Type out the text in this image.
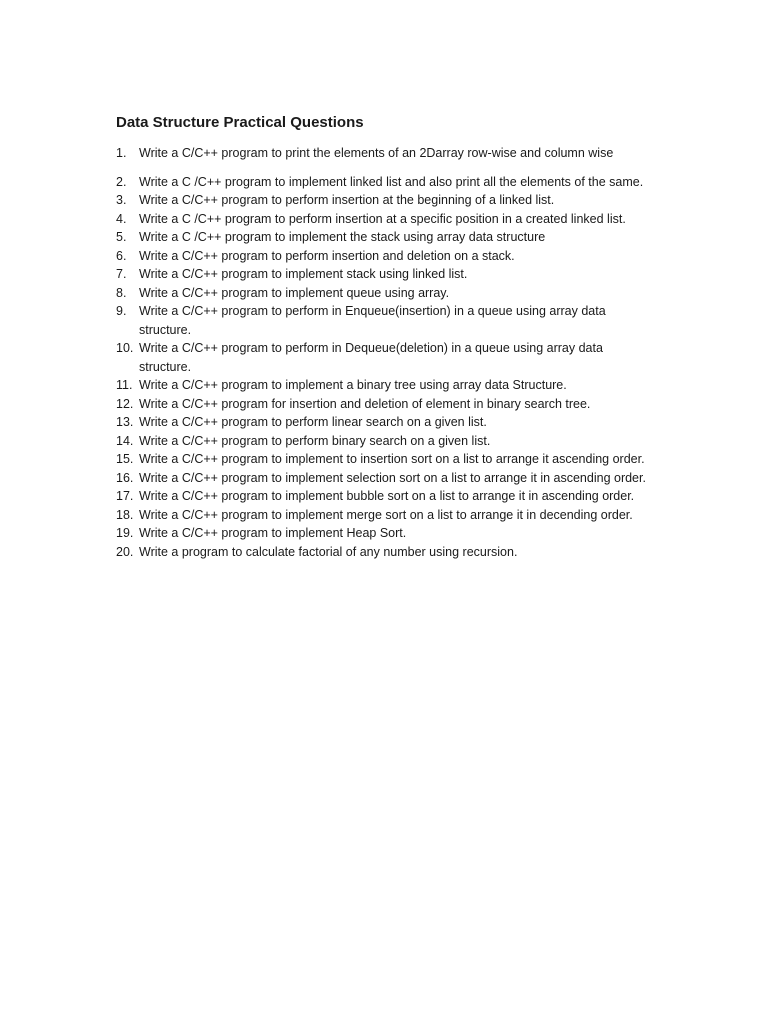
Data Structure Practical Questions
1.	Write a C/C++ program to print the elements of an 2Darray row-wise and column wise
2.	Write a C /C++ program to implement linked list and also print all the elements of the same.
3.	Write a C/C++ program to perform insertion at the beginning of a linked list.
4.	Write a C /C++ program to perform insertion at a specific position in a created linked list.
5.	Write a C /C++ program to implement the stack using array data structure
6.	Write a C/C++ program to perform insertion and deletion on a stack.
7.	Write a C/C++ program to implement stack using linked list.
8.	Write a C/C++ program to implement queue using array.
9.	Write a C/C++ program to perform in Enqueue(insertion) in a queue using array data structure.
10. Write a C/C++ program to perform in Dequeue(deletion) in a queue using array data structure.
11. Write a C/C++ program to implement a binary tree using array data Structure.
12. Write a C/C++ program for insertion and deletion of element in binary search tree.
13. Write a C/C++ program to perform linear search on a given list.
14. Write a C/C++ program to perform binary search on a given list.
15. Write a C/C++ program to implement to insertion sort on a list to arrange it ascending order.
16. Write a C/C++ program to implement selection sort on a list to arrange it in ascending order.
17. Write a C/C++ program to implement bubble sort on a list to arrange it in ascending order.
18. Write a C/C++ program to implement merge sort on a list to arrange it in decending order.
19. Write a C/C++ program to implement Heap Sort.
20. Write a program to calculate factorial of any number using recursion.
